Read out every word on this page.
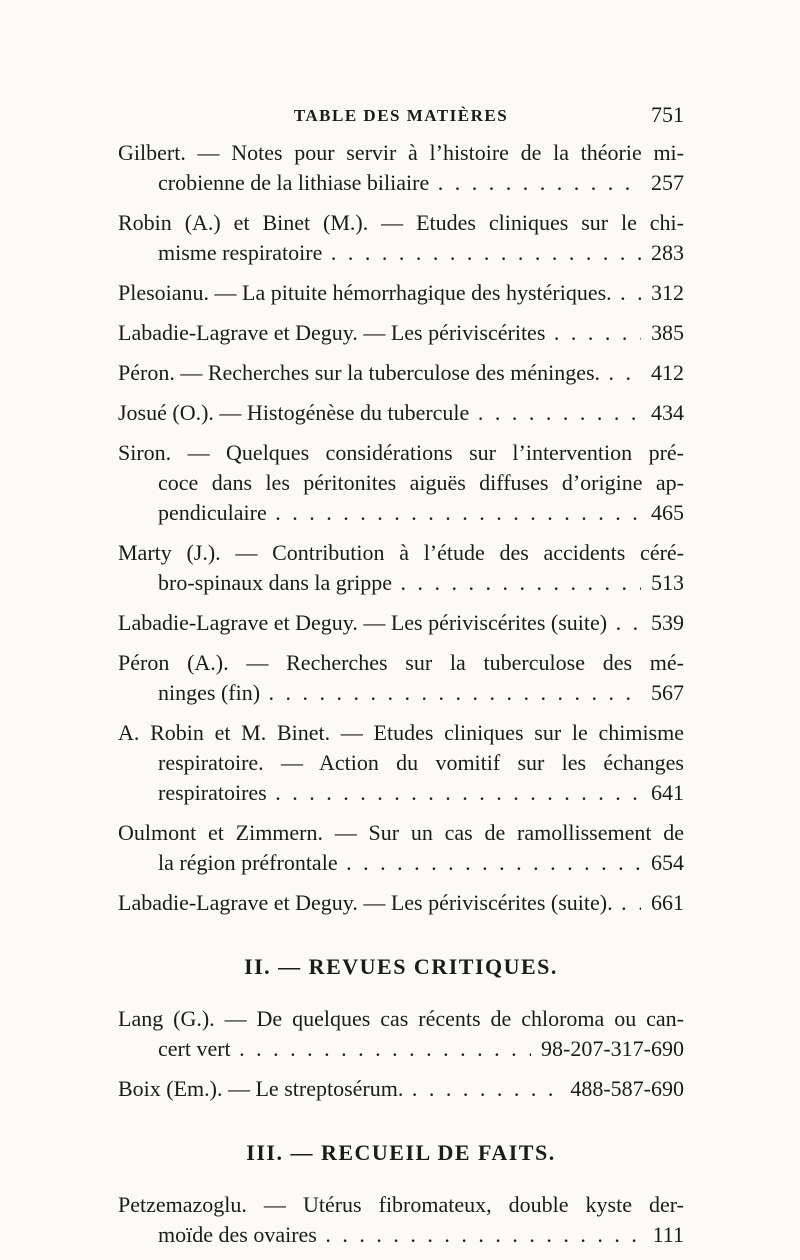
TABLE DES MATIÈRES	751
Gilbert. — Notes pour servir à l’histoire de la théorie mi-
crobienne de la lithiase biliaire . . .	257
Robin (A.) et Binet (M.). — Etudes cliniques sur le chi-
misme respiratoire . . .	283
Plesoianu. — La pituite hémorrhagique des hystériques. . . .	312
Labadie-Lagrave et Deguy. — Les périviscérites . . .	385
Péron. — Recherches sur la tuberculose des méninges. . . .	412
Josué (O.). — Histogénèse du tubercule . . .	434
Siron. — Quelques considérations sur l’intervention pré-
coce dans les péritonites aiguës diffuses d’origine ap-
pendiculaire . . .	465
Marty (J.). — Contribution à l’étude des accidents céré-
bro-spinaux dans la grippe . . .	513
Labadie-Lagrave et Deguy. — Les périviscérites (suite) . . .	539
Péron (A.). — Recherches sur la tuberculose des mé-
ninges (fin) . . .	567
A. Robin et M. Binet. — Etudes cliniques sur le chimisme
respiratoire. — Action du vomitif sur les échanges
respiratoires . . .	641
Oulmont et Zimmern. — Sur un cas de ramollissement de
la région préfrontale . . .	654
Labadie-Lagrave et Deguy. — Les périviscérites (suite). . . .	661
II. — REVUES CRITIQUES.
Lang (G.). — De quelques cas récents de chloroma ou can-
cert vert . . .	98-207-317-690
Boix (Em.). — Le streptosérum. . . .	488-587-690
III. — RECUEIL DE FAITS.
Petzemazoglu. — Utérus fibromateux, double kyste der-
moïde des ovaires . . .	111
